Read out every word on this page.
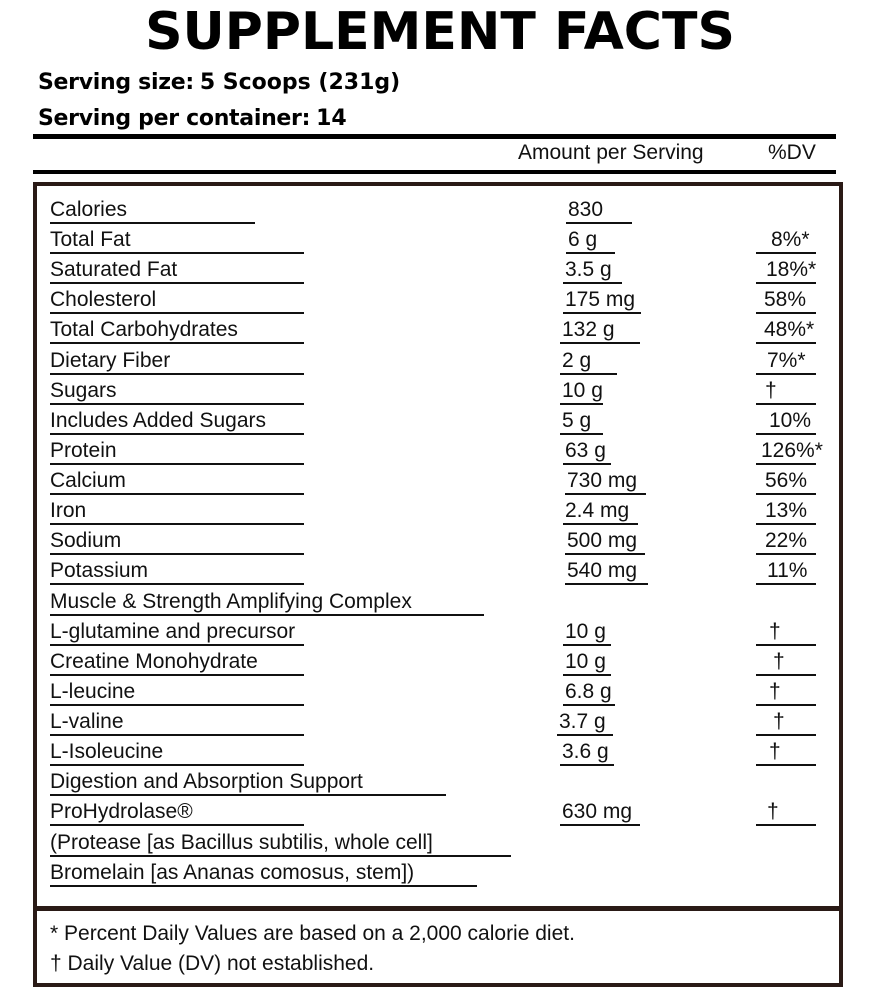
SUPPLEMENT FACTS
Serving size: 5 Scoops (231g)
Serving per container: 14
Amount per Serving	%DV
Calories	830
Total Fat	6 g	8%*
Saturated Fat	3.5 g	18%*
Cholesterol	175 mg	58%
Total Carbohydrates	132 g	48%*
Dietary Fiber	2 g	7%*
Sugars	10 g	†
Includes Added Sugars	5 g	10%
Protein	63 g	126%*
Calcium	730 mg	56%
Iron	2.4 mg	13%
Sodium	500 mg	22%
Potassium	540 mg	11%
Muscle & Strength Amplifying Complex
L-glutamine and precursor	10 g	†
Creatine Monohydrate	10 g	†
L-leucine	6.8 g	†
L-valine	3.7 g	†
L-Isoleucine	3.6 g	†
Digestion and Absorption Support
ProHydrolase®	630 mg	†
(Protease [as Bacillus subtilis, whole cell]
Bromelain [as Ananas comosus, stem])
* Percent Daily Values are based on a 2,000 calorie diet.
† Daily Value (DV) not established.
